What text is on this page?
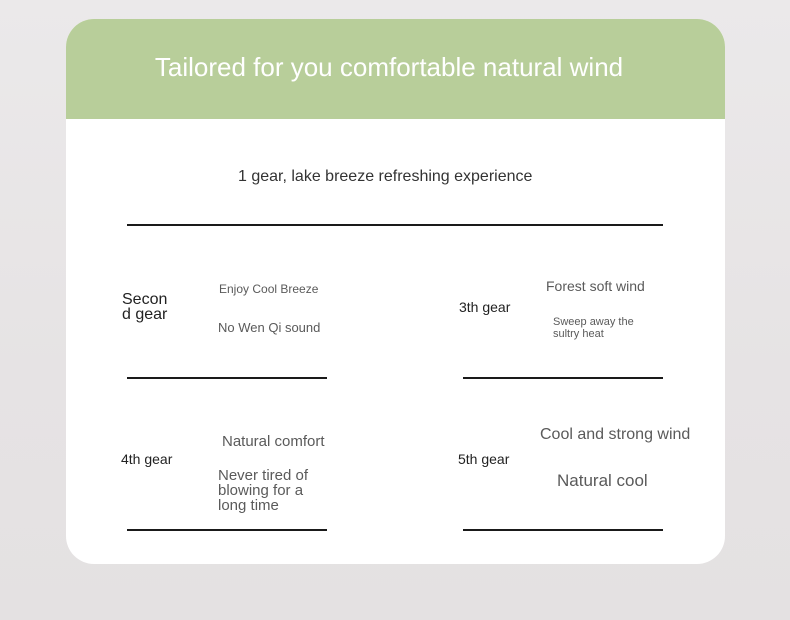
Tailored for you comfortable natural wind
1 gear, lake breeze refreshing experience
Secon
d gear
Enjoy Cool Breeze
No Wen Qi sound
3th gear
Forest soft wind
Sweep away the
sultry heat
4th gear
Natural comfort
Never tired of
blowing for a
long time
5th gear
Cool and strong wind
Natural cool
